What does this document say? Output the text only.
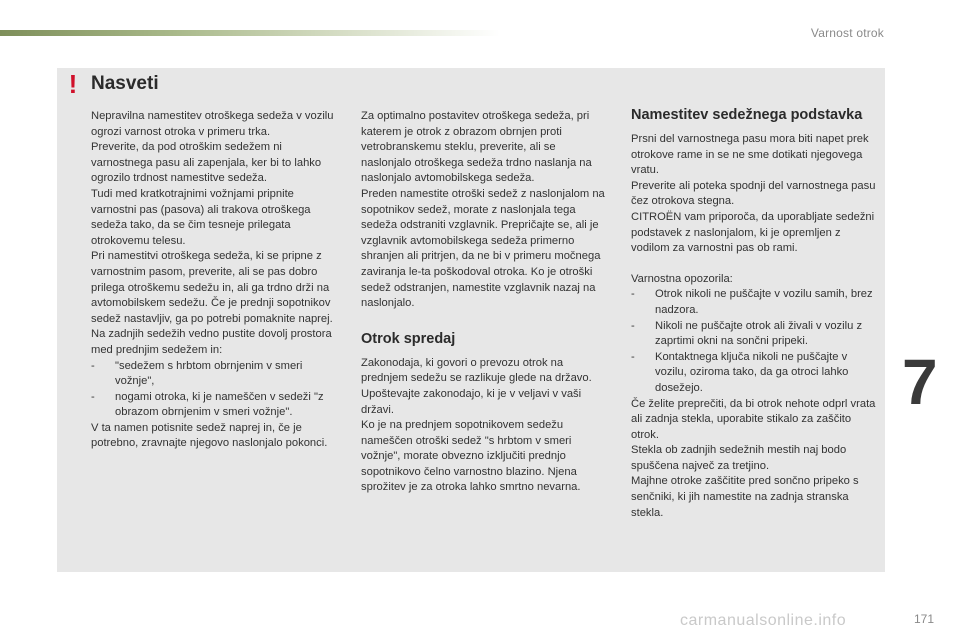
Varnost otrok
! Nasveti

Nepravilna namestitev otroškega sedeža v vozilu ogrozi varnost otroka v primeru trka.

Preverite, da pod otroškim sedežem ni varnostnega pasu ali zapenjala, ker bi to lahko ogrozilo trdnost namestitve sedeža.

Tudi med kratkotrajnimi vožnjami pripnite varnostni pas (pasova) ali trakova otroškega sedeža tako, da se čim tesneje prilegata otrokovemu telesu.

Pri namestitvi otroškega sedeža, ki se pripne z varnostnim pasom, preverite, ali se pas dobro prilega otroškemu sedežu in, ali ga trdno drži na avtomobilskem sedežu. Če je prednji sopotnikov sedež nastavljiv, ga po potrebi pomaknite naprej.

Na zadnjih sedežih vedno pustite dovolj prostora med prednjim sedežem in:

-	"sedežem s hrbtom obrnjenim v smeri vožnje",
-	nogami otroka, ki je nameščen v sedeži "z obrazom obrnjenim v smeri vožnje".

V ta namen potisnite sedež naprej in, če je potrebno, zravnajte njegovo naslonjalo pokonci.

Za optimalno postavitev otroškega sedeža, pri katerem je otrok z obrazom obrnjen proti vetrobranskemu steklu, preverite, ali se naslonjalo otroškega sedeža trdno naslanja na naslonjalo avtomobilskega sedeža.

Preden namestite otroški sedež z naslonjalom na sopotnikov sedež, morate z naslonjala tega sedeža odstraniti vzglavnik. Prepričajte se, ali je vzglavnik avtomobilskega sedeža primerno shranjen ali pritrjen, da ne bi v primeru močnega zaviranja le-ta poškodoval otroka. Ko je otroški sedež odstranjen, namestite vzglavnik nazaj na naslonjalo.

Otrok spredaj

Zakonodaja, ki govori o prevozu otrok na prednjem sedežu se razlikuje glede na državo. Upoštevajte zakonodajo, ki je v veljavi v vaši državi.

Ko je na prednjem sopotnikovem sedežu nameščen otroški sedež "s hrbtom v smeri vožnje", morate obvezno izključiti prednjo sopotnikovo čelno varnostno blazino. Njena sprožitev je za otroka lahko smrtno nevarna.

Namestitev sedežnega podstavka

Prsni del varnostnega pasu mora biti napet prek otrokove rame in se ne sme dotikati njegovega vratu.

Preverite ali poteka spodnji del varnostnega pasu čez otrokova stegna.

CITROËN vam priporoča, da uporabljate sedežni podstavek z naslonjalom, ki je opremljen z vodilom za varnostni pas ob rami.

Varnostna opozorila:

-	Otrok nikoli ne puščajte v vozilu samih, brez nadzora.
-	Nikoli ne puščajte otrok ali živali v vozilu z zaprtimi okni na sončni pripeki.
-	Kontaktnega ključa nikoli ne puščajte v vozilu, oziroma tako, da ga otroci lahko dosežejo.

Če želite preprečiti, da bi otrok nehote odprl vrata ali zadnja stekla, uporabite stikalo za zaščito otrok.

Stekla ob zadnjih sedežnih mestih naj bodo spuščena največ za tretjino.

Majhne otroke zaščitite pred sončno pripeko s senčniki, ki jih namestite na zadnja stranska stekla.

7
carmanualsonline.info	171
